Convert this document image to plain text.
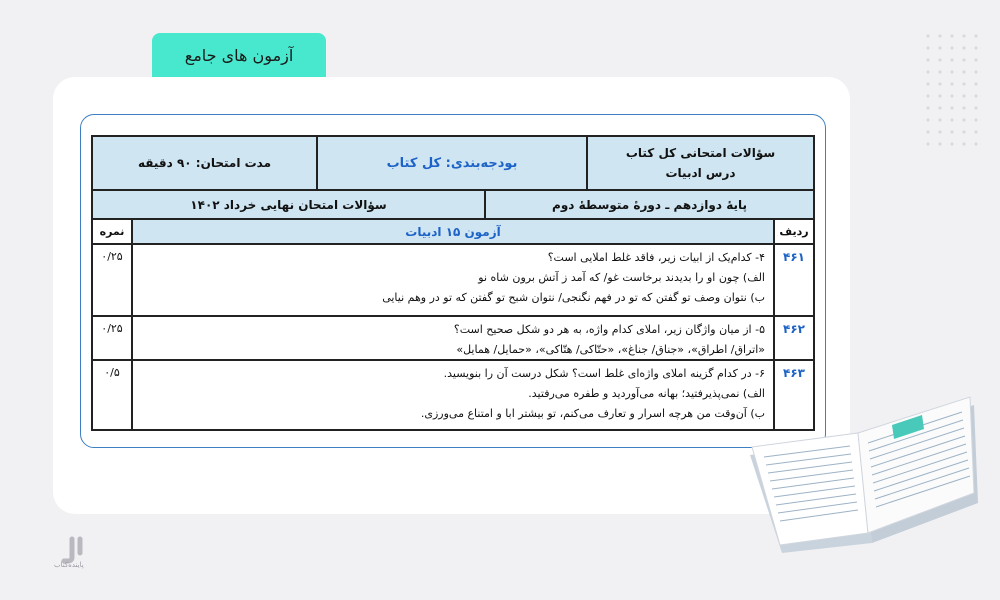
آزمون های جامع
سؤالات امتحانی کل کتاب
درس ادبیات
بودجه‌بندی: کل کتاب
مدت امتحان: ۹۰ دقیقه
پایهٔ دوازدهم ـ دورهٔ متوسطهٔ دوم
سؤالات امتحان نهایی خرداد ۱۴۰۲
ردیف
آزمون ۱۵ ادبیات
نمره
۴۶۱
۴- کدام‌یک از ابیات زیر، فاقد غلط املایی است؟
الف) چون او را بدیدند برخاست غو/ که آمد ز آتش برون شاه نو
ب) نتوان وصف تو گفتن که تو در فهم نگنجی/ نتوان شبح تو گفتن که تو در وهم نیایی
۰/۲۵
۴۶۲
۵- از میان واژگان زیر، املای کدام واژه، به هر دو شکل صحیح است؟
«اتراق/ اطراق»، «جناق/ جناغ»، «حتّاکی/ هتّاکی»، «حمایل/ همایل»
۰/۲۵
۴۶۳
۶- در کدام گزینه املای واژه‌ای غلط است؟ شکل درست آن را بنویسید.
الف) نمی‌پذیرفتید؛ بهانه می‌آوردید و طفره می‌رفتید.
ب) آن‌وقت من هرچه اسرار و تعارف می‌کنم، تو بیشتر ابا و امتناع می‌ورزی.
۰/۵
پاینده‌کتاب
